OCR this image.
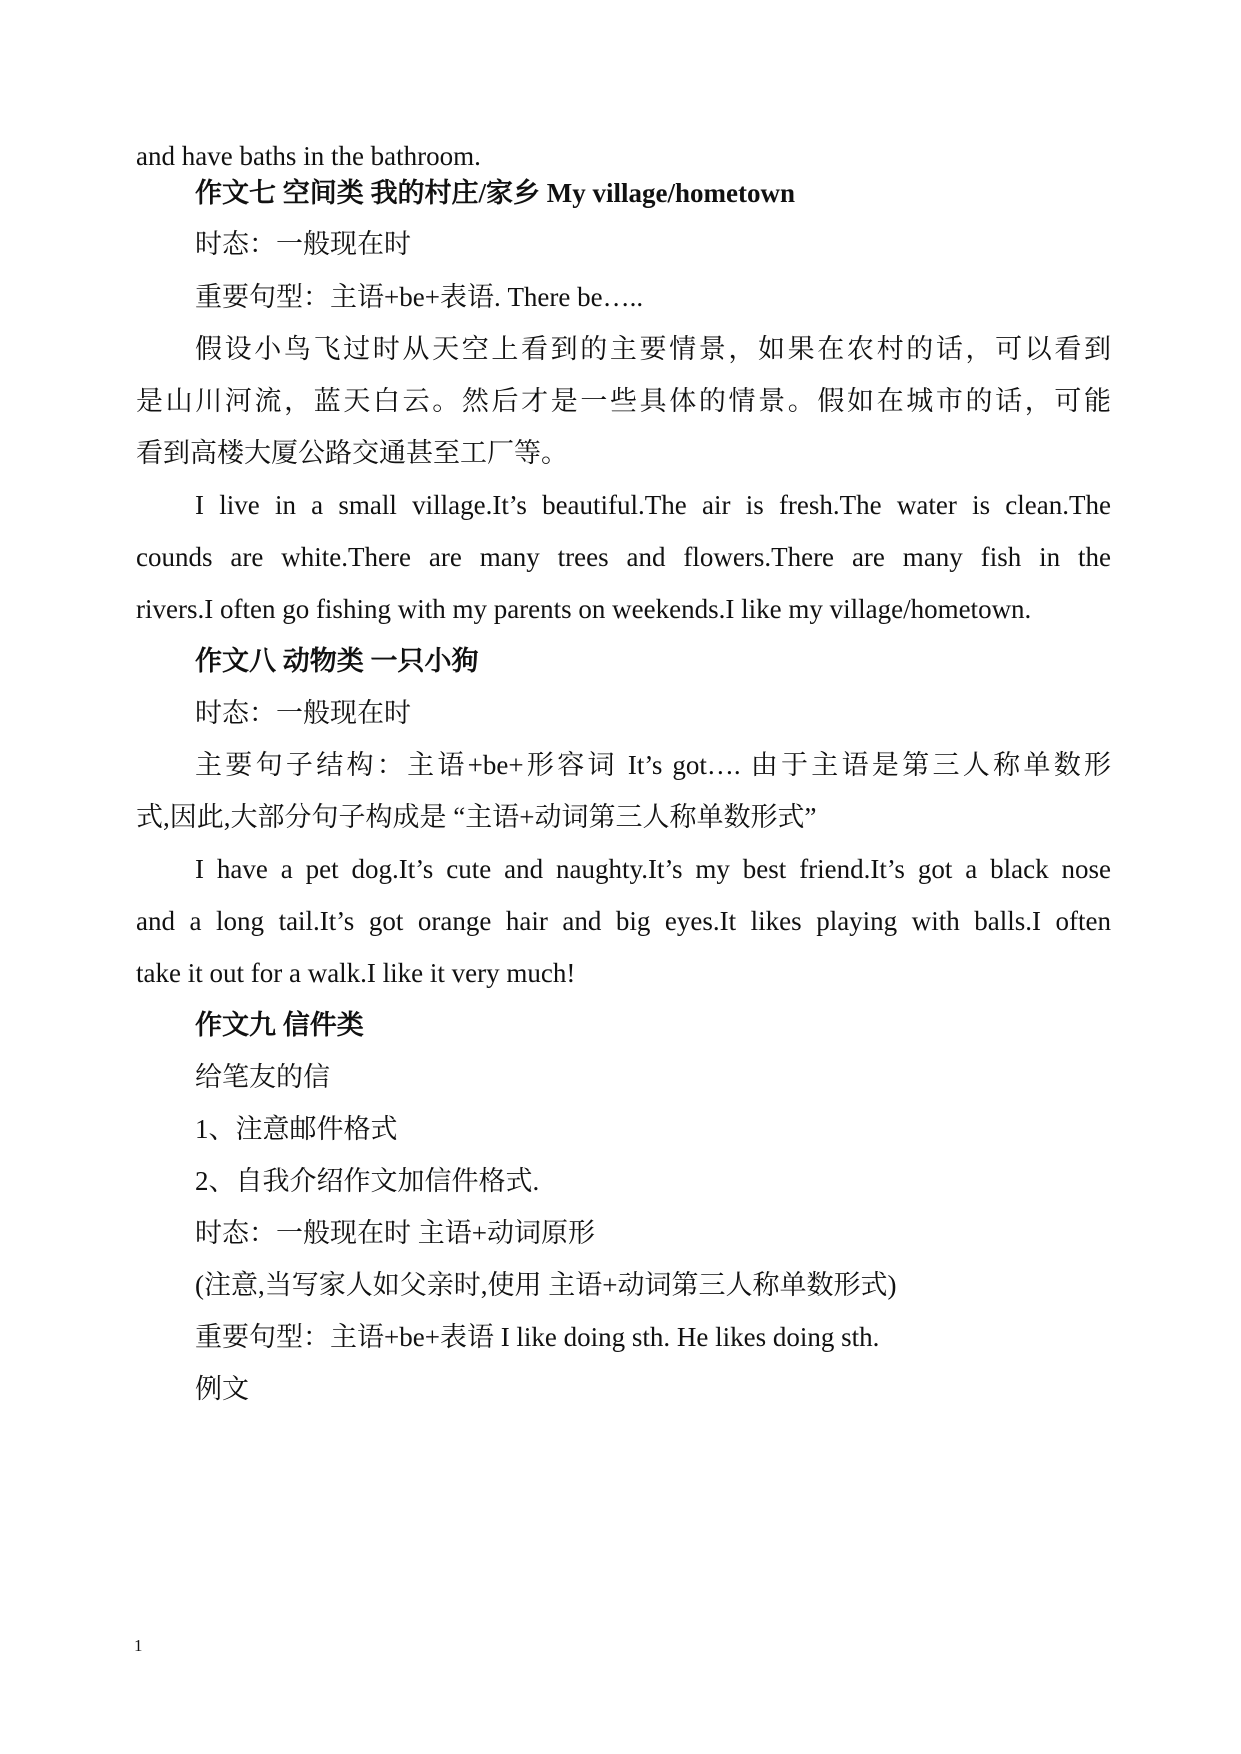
and have baths in the bathroom.
作文七 空间类 我的村庄/家乡 My village/hometown
时态：一般现在时
重要句型：主语+be+表语. There be…..
假设小鸟飞过时从天空上看到的主要情景，如果在农村的话，可以看到
是山川河流，蓝天白云。然后才是一些具体的情景。假如在城市的话，可能
看到高楼大厦公路交通甚至工厂等。
I live in a small village.It’s beautiful.The air is fresh.The water is clean.The
counds are white.There are many trees and flowers.There are many fish in the
rivers.I often go fishing with my parents on weekends.I like my village/hometown.
作文八 动物类 一只小狗
时态：一般现在时
主要句子结构：主语+be+形容词 It’s got…. 由于主语是第三人称单数形
式,因此,大部分句子构成是 “主语+动词第三人称单数形式”
I have a pet dog.It’s cute and naughty.It’s my best friend.It’s got a black nose
and a long tail.It’s got orange hair and big eyes.It likes playing with balls.I often
take it out for a walk.I like it very much!
作文九 信件类
给笔友的信
1、注意邮件格式
2、自我介绍作文加信件格式.
时态：一般现在时 主语+动词原形
(注意,当写家人如父亲时,使用 主语+动词第三人称单数形式)
重要句型：主语+be+表语 I like doing sth. He likes doing sth.
例文
1
